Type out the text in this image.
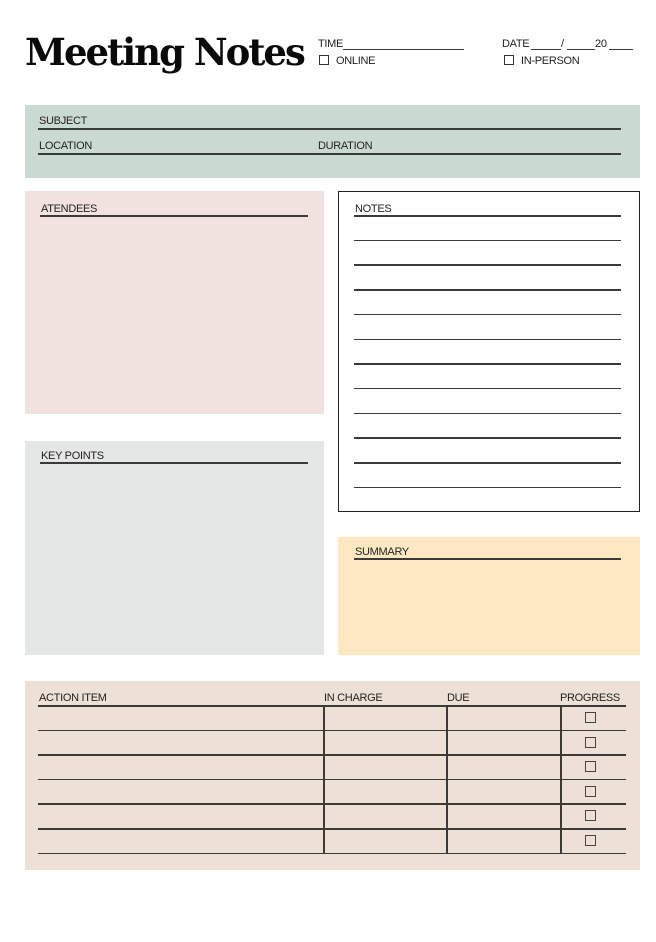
Meeting Notes TIME
ONLINE
DATE	/	20
IN-PERSON
SUBJECT
LOCATION	DURATION
ATENDEES	NOTES
KEY POINTS
SUMMARY
ACTION ITEM	IN CHARGE	DUE	PROGRESS
